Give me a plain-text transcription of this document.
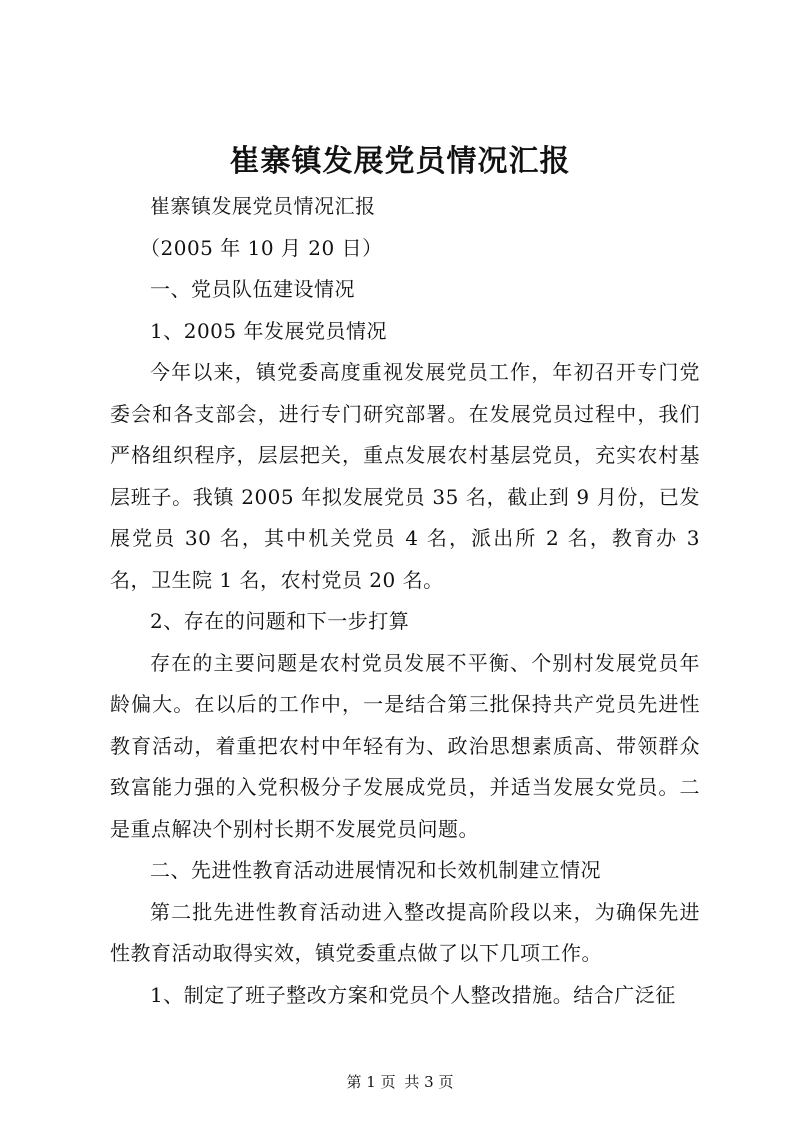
崔寨镇发展党员情况汇报

崔寨镇发展党员情况汇报

（2005 年 10 月 20 日）

一、党员队伍建设情况

1、2005 年发展党员情况

今年以来，镇党委高度重视发展党员工作，年初召开专门党委会和各支部会，进行专门研究部署。在发展党员过程中，我们严格组织程序，层层把关，重点发展农村基层党员，充实农村基层班子。我镇 2005 年拟发展党员 35 名，截止到 9 月份，已发展党员 30 名，其中机关党员 4 名，派出所 2 名，教育办 3 名，卫生院 1 名，农村党员 20 名。

2、存在的问题和下一步打算

存在的主要问题是农村党员发展不平衡、个别村发展党员年龄偏大。在以后的工作中，一是结合第三批保持共产党员先进性教育活动，着重把农村中年轻有为、政治思想素质高、带领群众致富能力强的入党积极分子发展成党员，并适当发展女党员。二是重点解决个别村长期不发展党员问题。

二、先进性教育活动进展情况和长效机制建立情况

第二批先进性教育活动进入整改提高阶段以来，为确保先进性教育活动取得实效，镇党委重点做了以下几项工作。

1、制定了班子整改方案和党员个人整改措施。结合广泛征

第 1 页 共 3 页
